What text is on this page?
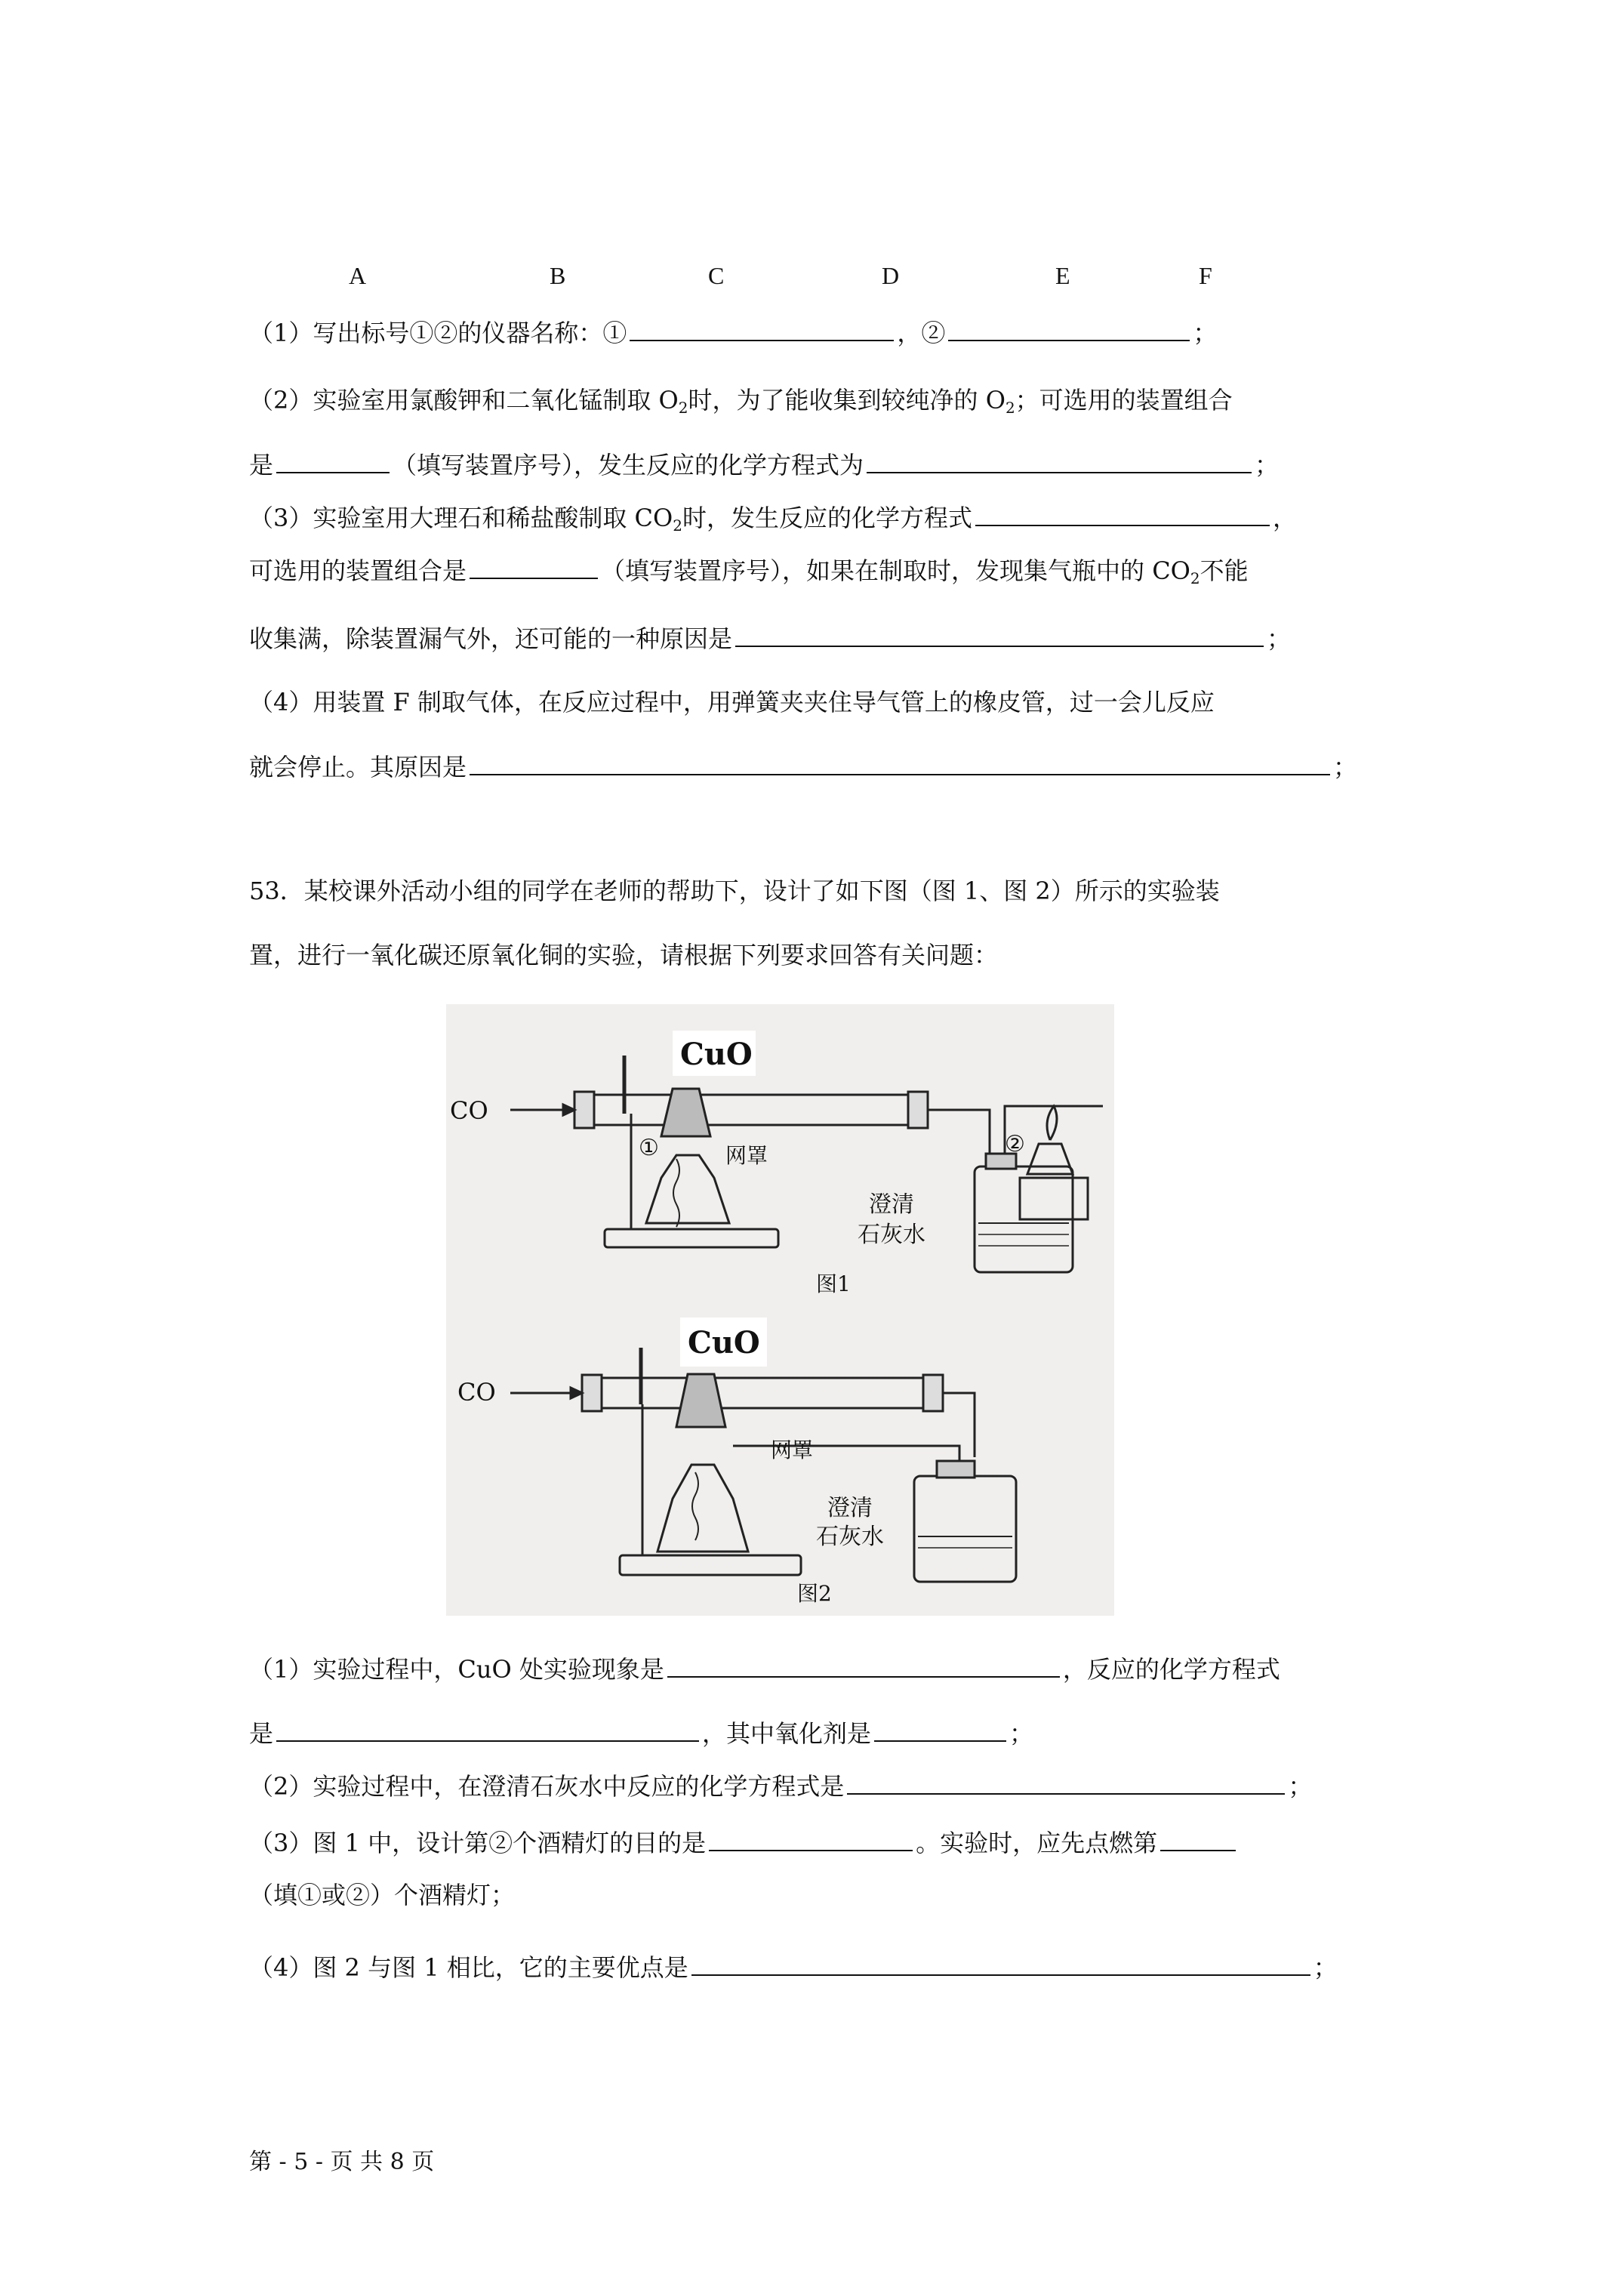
A	B	C	D	E	F
（1）写出标号①②的仪器名称：①	，②	；
（2）实验室用氯酸钾和二氧化锰制取 $O_2$时，为了能收集到较纯净的 $O_2$；可选用的装置组合
是	（填写装置序号），发生反应的化学方程式为	；
（3）实验室用大理石和稀盐酸制取 $CO_2$时，发生反应的化学方程式	，
可选用的装置组合是	（填写装置序号），如果在制取时，发现集气瓶中的 $CO_2$不能
收集满，除装置漏气外，还可能的一种原因是	；
（4）用装置 F 制取气体，在反应过程中，用弹簧夹夹住导气管上的橡皮管，过一会儿反应
就会停止。其原因是	；
53．某校课外活动小组的同学在老师的帮助下，设计了如下图（图 1、图 2）所示的实验装
置，进行一氧化碳还原氧化铜的实验，请根据下列要求回答有关问题：
CuO
CO
①	网罩	②
澄清
石灰水
图1
CuO
CO
网罩
澄清
石灰水
图2
（1）实验过程中，CuO 处实验现象是	，反应的化学方程式
是	，其中氧化剂是	；
（2）实验过程中，在澄清石灰水中反应的化学方程式是	；
（3）图 1 中，设计第②个酒精灯的目的是	。实验时，应先点燃第
（填①或②）个酒精灯；
（4）图 2 与图 1 相比，它的主要优点是	；
第 - 5 - 页 共 8 页
